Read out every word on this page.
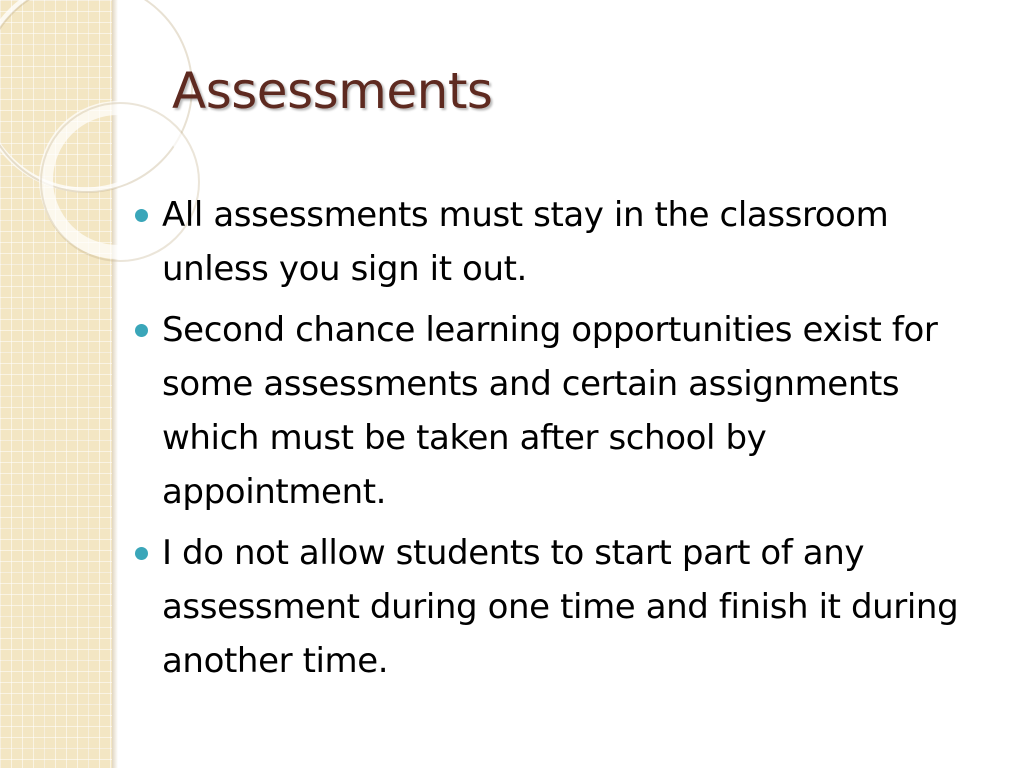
Assessments
All assessments must stay in the classroom unless you sign it out.
Second chance learning opportunities exist for some assessments and certain assignments which must be taken after school by appointment.
I do not allow students to start part of any assessment during one time and finish it during another time.
